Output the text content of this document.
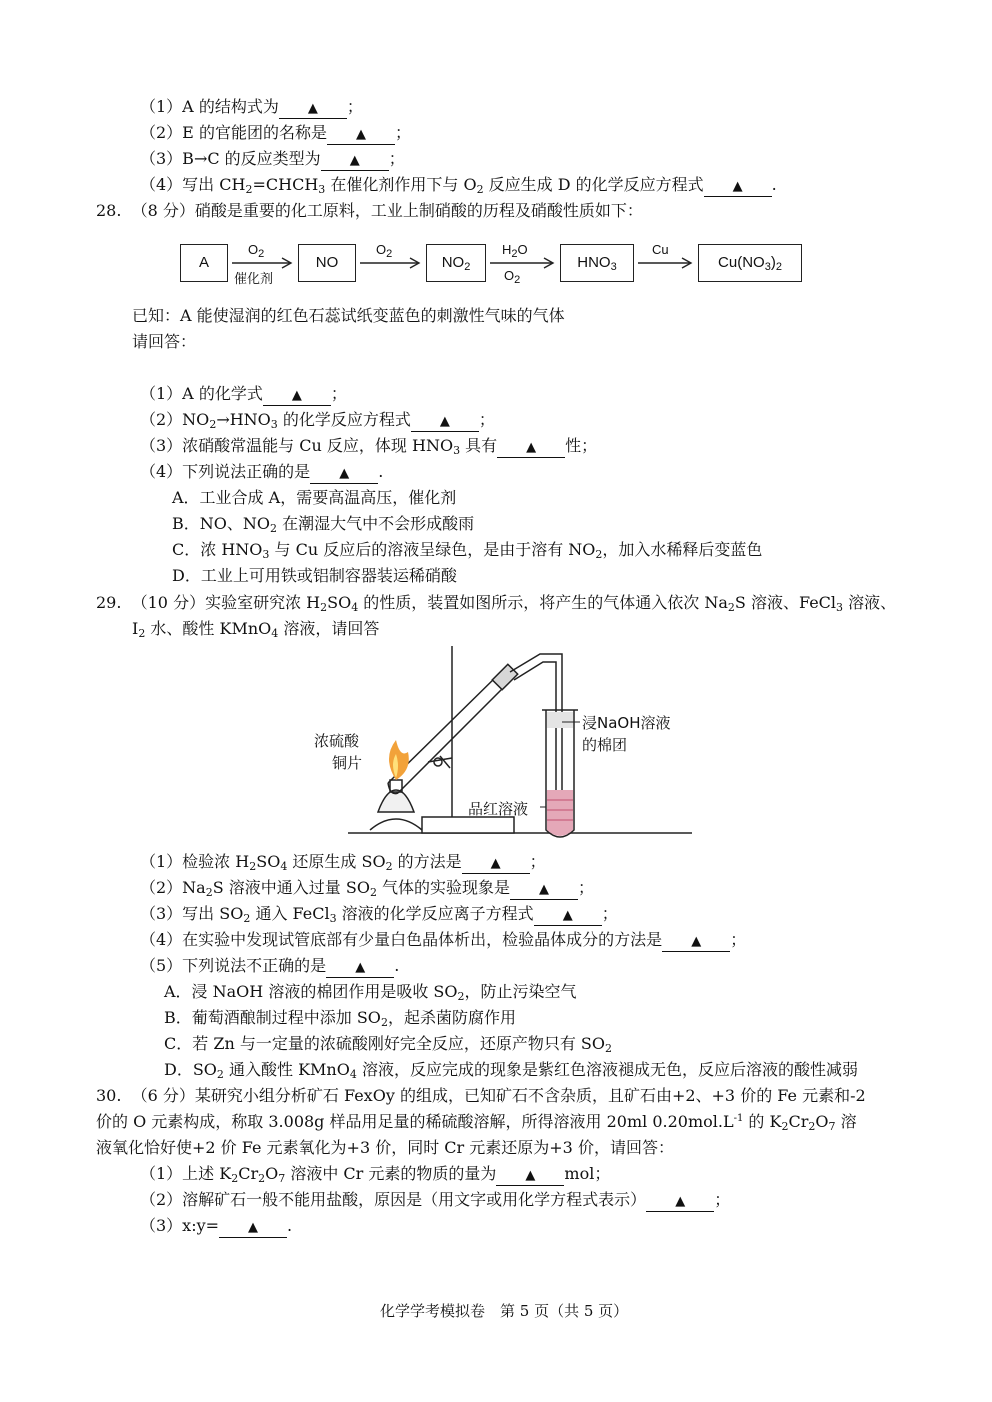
（1）A 的结构式为 ▲ ；
（2）E 的官能团的名称是 ▲ ；
（3）B→C 的反应类型为 ▲ ；
（4）写出 $CH_2=CHCH_3$ 在催化剂作用下与 $O_2$ 反应生成 D 的化学反应方程式 ▲ .
28. （8 分）硝酸是重要的化工原料，工业上制硝酸的历程及硝酸性质如下：
A	NO	$NO_2$	$HNO_3$	$Cu(NO_3)_2$
$O_2$
催化剂
$O_2$	$H_2O$
$O_2$
Cu
已知：A 能使湿润的红色石蕊试纸变蓝色的刺激性气味的气体
请回答：
（1）A 的化学式 ▲ ；
$(2)NO_2\to HNO_3$ 的化学反应方程式 ▲ ；
（3）浓硝酸常温能与 Cu 反应，体现 $HNO_3$ 具有 ▲ 性；
（4）下列说法正确的是 ▲ .
A．工业合成 A，需要高温高压，催化剂
B．NO、$NO_2$ 在潮湿大气中不会形成酸雨
C．浓 $HNO_3$ 与 Cu 反应后的溶液呈绿色，是由于溶有 $NO_2$，加入水稀释后变蓝色
D．工业上可用铁或铝制容器装运稀硝酸
29. （10 分）实验室研究浓 $H_2SO_4$ 的性质，装置如图所示，将产生的气体通入依次 $Na_2S$ 溶液、FeCl$_3$ 溶液、
$I_2$ 水、酸性 KMnO$_4$ 溶液，请回答
浓硫酸
铜片
浸NaOH溶液
的棉团
品红溶液
（1）检验浓 $H_2SO_4$ 还原生成 $SO_2$ 的方法是 ▲ ；
$(2)Na_2S$ 溶液中通入过量 $SO_2$ 气体的实验现象是 ▲ ；
（3）写出 $SO_2$ 通入 FeCl$_3$ 溶液的化学反应离子方程式 ▲ ；
（4）在实验中发现试管底部有少量白色晶体析出，检验晶体成分的方法是 ▲ ；
（5）下列说法不正确的是 ▲ .
A．浸 NaOH 溶液的棉团作用是吸收 $SO_2$，防止污染空气
B．葡萄酒酿制过程中添加 $SO_2$，起杀菌防腐作用
C．若 Zn 与一定量的浓硫酸刚好完全反应，还原产物只有 $SO_2$
D．$SO_2$ 通入酸性 KMnO$_4$ 溶液，反应完成的现象是紫红色溶液褪成无色，反应后溶液的酸性减弱
30. （6 分）某研究小组分析矿石 FexOy 的组成，已知矿石不含杂质，且矿石由+2、+3 价的 Fe 元素和-2
价的 O 元素构成，称取 3.008g 样品用足量的稀硫酸溶解，所得溶液用 20ml $0.20mol.L^{-1}$ 的 $K_2Cr_2O_7$ 溶
液氧化恰好使+2 价 Fe 元素氧化为+3 价，同时 Cr 元素还原为+3 价，请回答：
（1）上述 $K_2Cr_2O_7$ 溶液中 Cr 元素的物质的量为 ▲ mol；
（2）溶解矿石一般不能用盐酸，原因是（用文字或用化学方程式表示） ▲ ；
（3）x:y= ▲ .
化学学考模拟卷　第 5 页（共 5 页）
